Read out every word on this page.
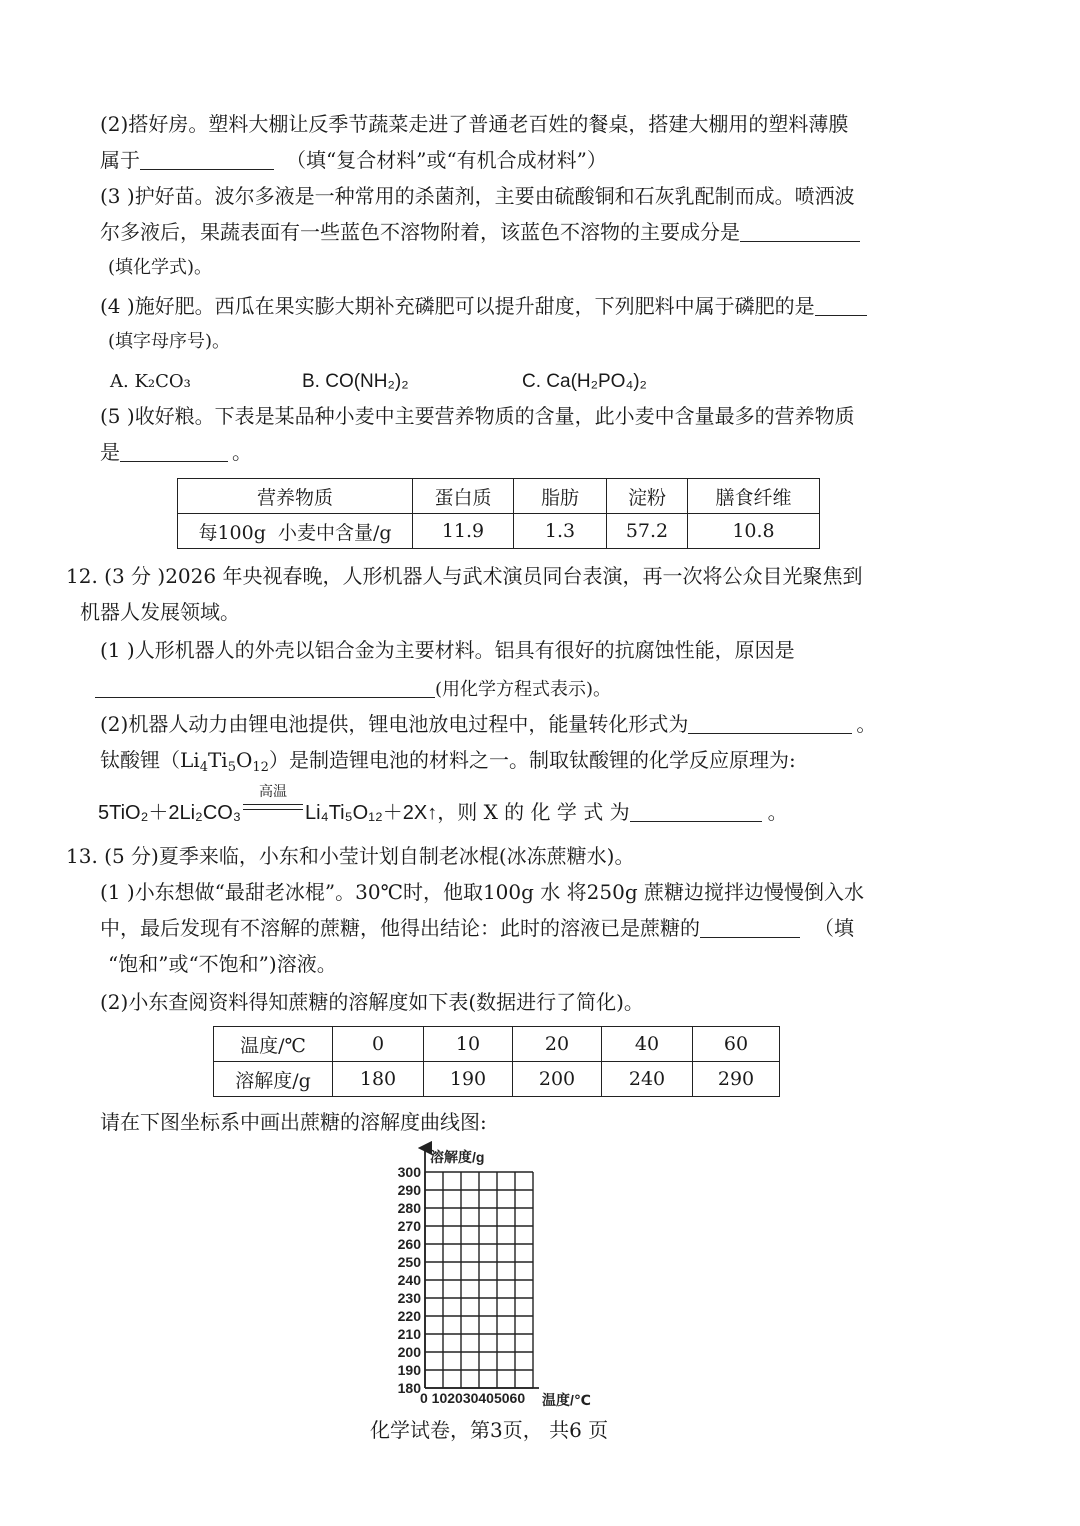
(2)搭好房。塑料大棚让反季节蔬菜走进了普通老百姓的餐桌，搭建大棚用的塑料薄膜
属于	（填“复合材料”或“有机合成材料”）
(3 )护好苗。波尔多液是一种常用的杀菌剂，主要由硫酸铜和石灰乳配制而成。喷洒波
尔多液后，果蔬表面有一些蓝色不溶物附着，该蓝色不溶物的主要成分是
(填化学式)。
(4 )施好肥。西瓜在果实膨大期补充磷肥可以提升甜度，下列肥料中属于磷肥的是
(填字母序号)。
A. K₂CO₃	B. CO(NH₂)₂	C. Ca(H₂PO₄)₂
(5 )收好粮。下表是某品种小麦中主要营养物质的含量，此小麦中含量最多的营养物质
是	。
营养物质	蛋白质	脂肪	淀粉	膳食纤维
每100g  小麦中含量/g	11.9	1.3	57.2	10.8
12. (3 分 )2026 年央视春晚，人形机器人与武术演员同台表演，再一次将公众目光聚焦到
机器人发展领域。
(1 )人形机器人的外壳以铝合金为主要材料。铝具有很好的抗腐蚀性能，原因是
(用化学方程式表示)。
(2)机器人动力由锂电池提供，锂电池放电过程中，能量转化形式为	。
钛酸锂$(Li_4Ti_5O_{12})$是制造锂电池的材料之一。制取钛酸锂的化学反应原理为:
5TiO₂＋2Li₂CO₃
高温
Li₄Ti₅O₁₂＋2X↑，则 X 的 化 学 式 为	。
13. (5 分)夏季来临，小东和小莹计划自制老冰棍(冰冻蔗糖水)。
(1 )小东想做“最甜老冰棍”。30℃时，他取100g 水 将250g 蔗糖边搅拌边慢慢倒入水
中，最后发现有不溶解的蔗糖，他得出结论：此时的溶液已是蔗糖的	（填
“饱和”或“不饱和”)溶液。
(2)小东查阅资料得知蔗糖的溶解度如下表(数据进行了简化)。
温度/℃	0	10	20	40	60
溶解度/g	180	190	200	240	290
请在下图坐标系中画出蔗糖的溶解度曲线图:
300
290
280
270
260
250
240
230
220
210
200
190
180
溶解度/g
0 102030405060 温度/℃
化学试卷，第3页， 共6 页
